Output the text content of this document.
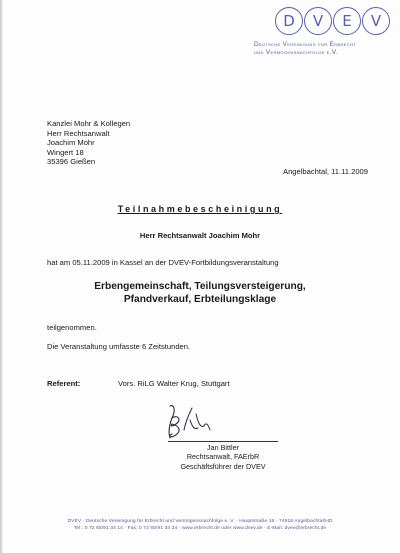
D	V	E	V
Deutsche Vereinigung für Erbrecht
und Vermögensnachfolge e.V.
Kanzlei Mohr & Kollegen
Herr Rechtsanwalt
Joachim Mohr
Wingert 18
35396 Gießen
Angelbachtal, 11.11.2009
Teilnahmebescheinigung
Herr Rechtsanwalt Joachim Mohr
hat am 05.11.2009 in Kassel an der DVEV-Fortbildungsveranstaltung
Erbengemeinschaft, Teilungsversteigerung,
Pfandverkauf, Erbteilungsklage
teilgenommen.
Die Veranstaltung umfasste 6 Zeitstunden.
Referent:	Vors. RiLG Walter Krug, Stuttgart
Jan Bittler
Rechtsanwalt, FAErbR
Geschäftsführer der DVEV
DVEV · Deutsche Vereinigung für Erbrecht und Vermögensnachfolge e. V. · Hauptstraße 18 · 74918 Angelbachtal/HD
Tel.: 0 72 65/91 34 14 · Fax: 0 72 65/91 34 34 · www.erbrecht.de oder www.dvev.de · E-Mail: dvev@erbrecht.de
